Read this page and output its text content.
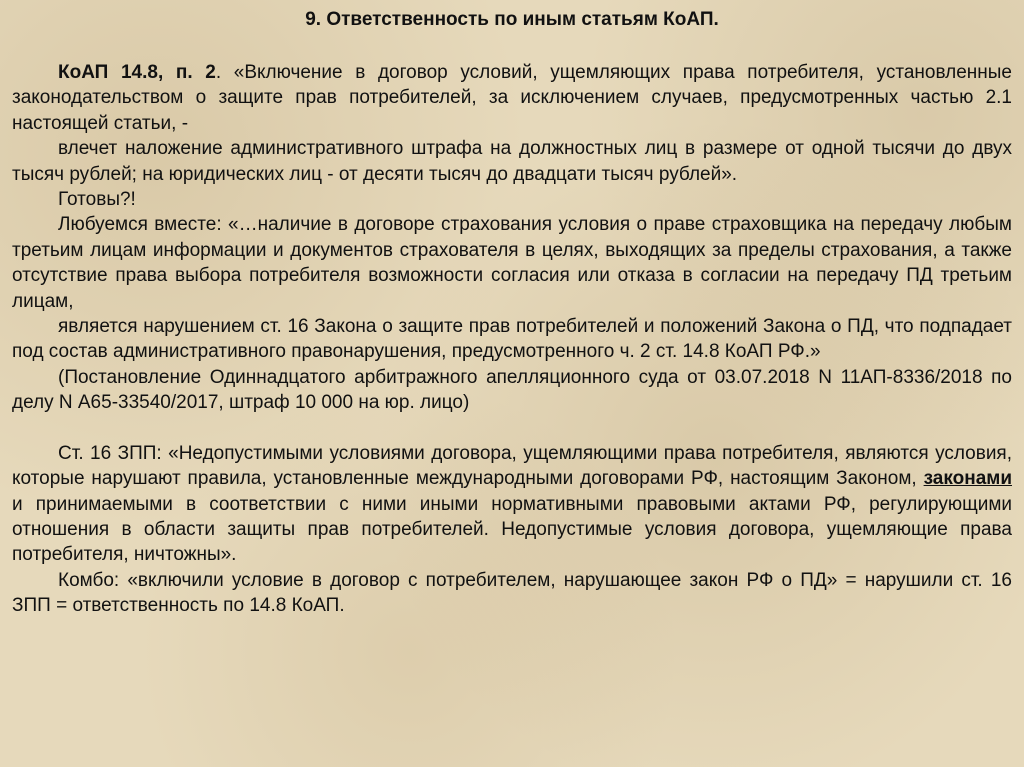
9. Ответственность по иным статьям КоАП.

КоАП 14.8, п. 2. «Включение в договор условий, ущемляющих права потребителя, установленные законодательством о защите прав потребителей, за исключением случаев, предусмотренных частью 2.1 настоящей статьи, -

влечет наложение административного штрафа на должностных лиц в размере от одной тысячи до двух тысяч рублей; на юридических лиц - от десяти тысяч до двадцати тысяч рублей».

Готовы?!

Любуемся вместе: «…наличие в договоре страхования условия о праве страховщика на передачу любым третьим лицам информации и документов страхователя в целях, выходящих за пределы страхования, а также отсутствие права выбора потребителя возможности согласия или отказа в согласии на передачу ПД третьим лицам,

является нарушением ст. 16 Закона о защите прав потребителей и положений Закона о ПД, что подпадает под состав административного правонарушения, предусмотренного ч. 2 ст. 14.8 КоАП РФ.»

(Постановление Одиннадцатого арбитражного апелляционного суда от 03.07.2018 N 11АП-8336/2018 по делу N А65-33540/2017, штраф 10 000 на юр. лицо)

Ст. 16 ЗПП: «Недопустимыми условиями договора, ущемляющими права потребителя, являются условия, которые нарушают правила, установленные международными договорами РФ, настоящим Законом, законами и принимаемыми в соответствии с ними иными нормативными правовыми актами РФ, регулирующими отношения в области защиты прав потребителей. Недопустимые условия договора, ущемляющие права потребителя, ничтожны».

Комбо: «включили условие в договор с потребителем, нарушающее закон РФ о ПД» = нарушили ст. 16 ЗПП = ответственность по 14.8 КоАП.
